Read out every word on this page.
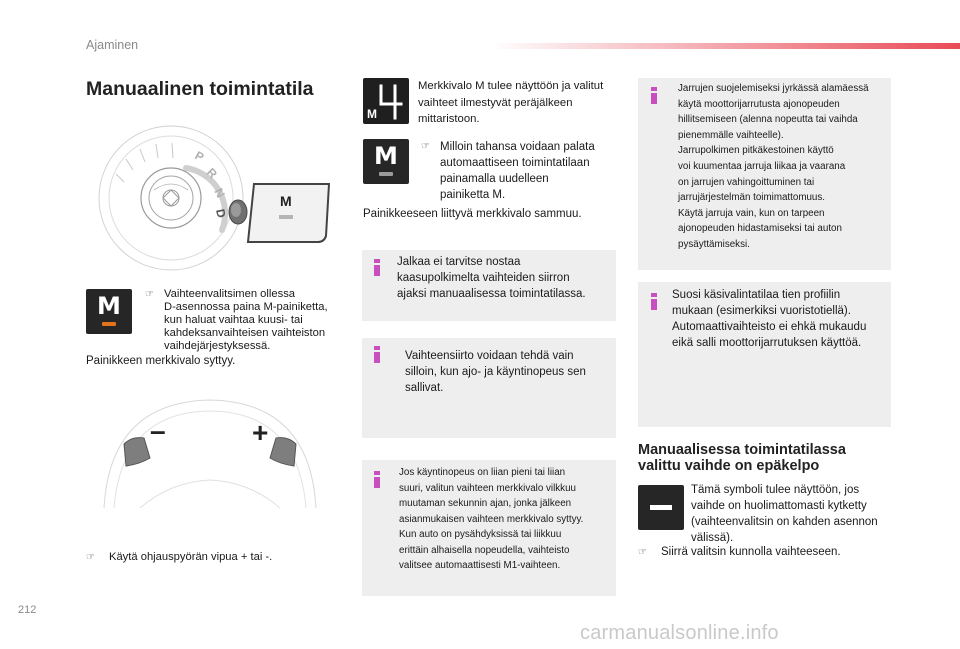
Ajaminen
Manuaalinen toimintatila
P
R
N
D
M
M	☞ Vaihteenvalitsimen ollessa
D-asennossa paina M-painiketta,
kun haluat vaihtaa kuusi- tai
kahdeksanvaihteisen vaihteiston
vaihdejärjestyksessä.
Painikkeen merkkivalo syttyy.
–	+
☞	Käytä ohjauspyörän vipua + tai -.
M
Merkkivalo M tulee näyttöön ja valitut
vaihteet ilmestyvät peräjälkeen
mittaristoon.
M	☞ Milloin tahansa voidaan palata
automaattiseen toimintatilaan
painamalla uudelleen
painiketta M.
Painikkeeseen liittyvä merkkivalo sammuu.
Jalkaa ei tarvitse nostaa
kaasupolkimelta vaihteiden siirron
ajaksi manuaalisessa toimintatilassa.
Vaihteensiirto voidaan tehdä vain
silloin, kun ajo- ja käyntinopeus sen
sallivat.
Jos käyntinopeus on liian pieni tai liian
suuri, valitun vaihteen merkkivalo vilkkuu
muutaman sekunnin ajan, jonka jälkeen
asianmukaisen vaihteen merkkivalo syttyy.
Kun auto on pysähdyksissä tai liikkuu
erittäin alhaisella nopeudella, vaihteisto
valitsee automaattisesti M1-vaihteen.
Jarrujen suojelemiseksi jyrkässä alamäessä
käytä moottorijarrutusta ajonopeuden
hillitsemiseen (alenna nopeutta tai vaihda
pienemmälle vaihteelle).
Jarrupolkimen pitkäkestoinen käyttö
voi kuumentaa jarruja liikaa ja vaarana
on jarrujen vahingoittuminen tai
jarrujärjestelmän toimimattomuus.
Käytä jarruja vain, kun on tarpeen
ajonopeuden hidastamiseksi tai auton
pysäyttämiseksi.
Suosi käsivalintatilaa tien profiilin
mukaan (esimerkiksi vuoristotiellä).
Automaattivaihteisto ei ehkä mukaudu
eikä salli moottorijarrutuksen käyttöä.
Manuaalisessa toimintatilassa
valittu vaihde on epäkelpo
Tämä symboli tulee näyttöön, jos
vaihde on huolimattomasti kytketty
(vaihteenvalitsin on kahden asennon
välissä).
☞	Siirrä valitsin kunnolla vaihteeseen.
212
carmanualsonline.info
